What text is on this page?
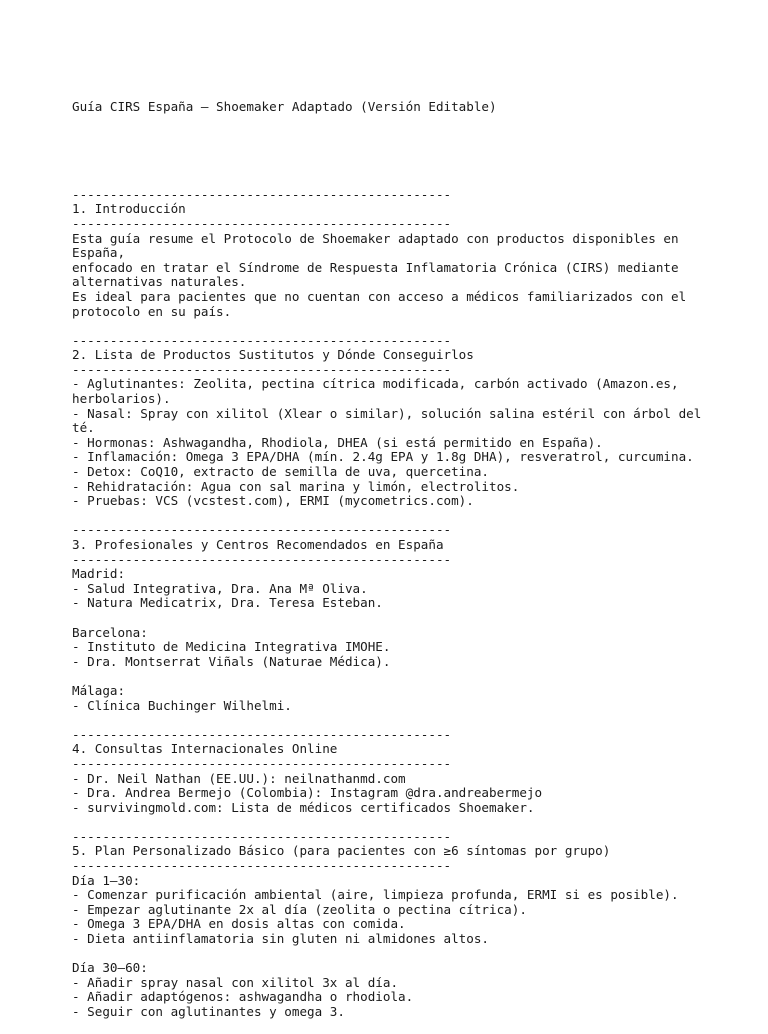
Guía CIRS España – Shoemaker Adaptado (Versión Editable)

--------------------------------------------------
1. Introducción
--------------------------------------------------
Esta guía resume el Protocolo de Shoemaker adaptado con productos disponibles en
España,
enfocado en tratar el Síndrome de Respuesta Inflamatoria Crónica (CIRS) mediante
alternativas naturales.
Es ideal para pacientes que no cuentan con acceso a médicos familiarizados con el
protocolo en su país.
--------------------------------------------------
2. Lista de Productos Sustitutos y Dónde Conseguirlos
--------------------------------------------------
- Aglutinantes: Zeolita, pectina cítrica modificada, carbón activado (Amazon.es,
herbolarios).
- Nasal: Spray con xilitol (Xlear o similar), solución salina estéril con árbol del
té.
- Hormonas: Ashwagandha, Rhodiola, DHEA (si está permitido en España).
- Inflamación: Omega 3 EPA/DHA (mín. 2.4g EPA y 1.8g DHA), resveratrol, curcumina.
- Detox: CoQ10, extracto de semilla de uva, quercetina.
- Rehidratación: Agua con sal marina y limón, electrolitos.
- Pruebas: VCS (vcstest.com), ERMI (mycometrics.com).
--------------------------------------------------
3. Profesionales y Centros Recomendados en España
--------------------------------------------------
Madrid:
- Salud Integrativa, Dra. Ana Mª Oliva.
- Natura Medicatrix, Dra. Teresa Esteban.
Barcelona:
- Instituto de Medicina Integrativa IMOHE.
- Dra. Montserrat Viñals (Naturae Médica).
Málaga:
- Clínica Buchinger Wilhelmi.
--------------------------------------------------
4. Consultas Internacionales Online
--------------------------------------------------
- Dr. Neil Nathan (EE.UU.): neilnathanmd.com
- Dra. Andrea Bermejo (Colombia): Instagram @dra.andreabermejo
- survivingmold.com: Lista de médicos certificados Shoemaker.
--------------------------------------------------
5. Plan Personalizado Básico (para pacientes con ≥6 síntomas por grupo)
--------------------------------------------------
Día 1–30:
- Comenzar purificación ambiental (aire, limpieza profunda, ERMI si es posible).
- Empezar aglutinante 2x al día (zeolita o pectina cítrica).
- Omega 3 EPA/DHA en dosis altas con comida.
- Dieta antiinflamatoria sin gluten ni almidones altos.
Día 30–60:
- Añadir spray nasal con xilitol 3x al día.
- Añadir adaptógenos: ashwagandha o rhodiola.
- Seguir con aglutinantes y omega 3.
